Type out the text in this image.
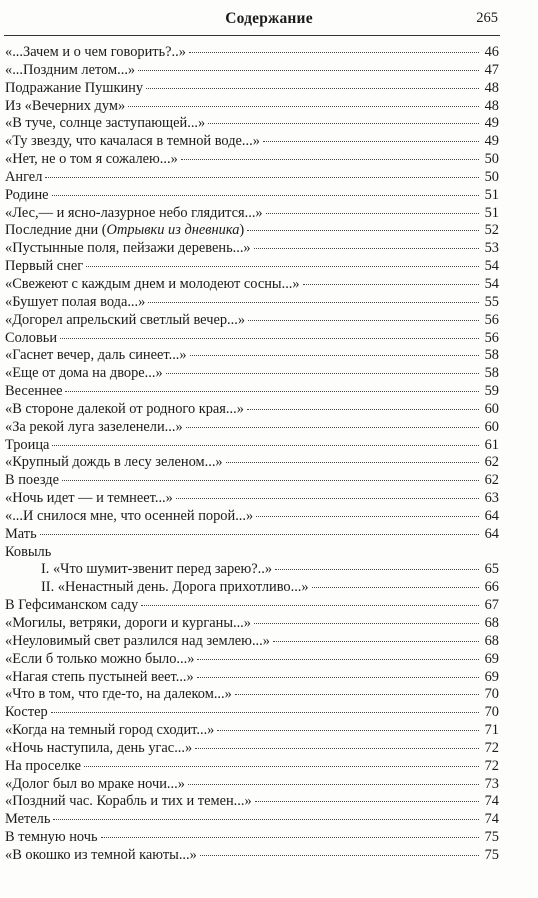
Содержание	265
«...Зачем и о чем говорить?..»	46
«...Поздним летом...»	47
Подражание Пушкину	48
Из «Вечерних дум»	48
«В туче, солнце заступающей...»	49
«Ту звезду, что качалася в темной воде...»	49
«Нет, не о том я сожалею...»	50
Ангел	50
Родине	51
«Лес,— и ясно-лазурное небо глядится...»	51
Последние дни (Отрывки из дневника)	52
«Пустынные поля, пейзажи деревень...»	53
Первый снег	54
«Свежеют с каждым днем и молодеют сосны...»	54
«Бушует полая вода...»	55
«Догорел апрельский светлый вечер...»	56
Соловьи	56
«Гаснет вечер, даль синеет...»	58
«Еще от дома на дворе...»	58
Весеннее	59
«В стороне далекой от родного края...»	60
«За рекой луга зазеленели...»	60
Троица	61
«Крупный дождь в лесу зеленом...»	62
В поезде	62
«Ночь идет — и темнеет...»	63
«...И снилося мне, что осенней порой...»	64
Мать	64
Ковыль
I. «Что шумит-звенит перед зарею?..»	65
II. «Ненастный день. Дорога прихотливо...»	66
В Гефсиманском саду	67
«Могилы, ветряки, дороги и курганы...»	68
«Неуловимый свет разлился над землею...»	68
«Если б только можно было...»	69
«Нагая степь пустыней веет...»	69
«Что в том, что где-то, на далеком...»	70
Костер	70
«Когда на темный город сходит...»	71
«Ночь наступила, день угас...»	72
На проселке	72
«Долог был во мраке ночи...»	73
«Поздний час. Корабль и тих и темен...»	74
Метель	74
В темную ночь	75
«В окошко из темной каюты...»	75
